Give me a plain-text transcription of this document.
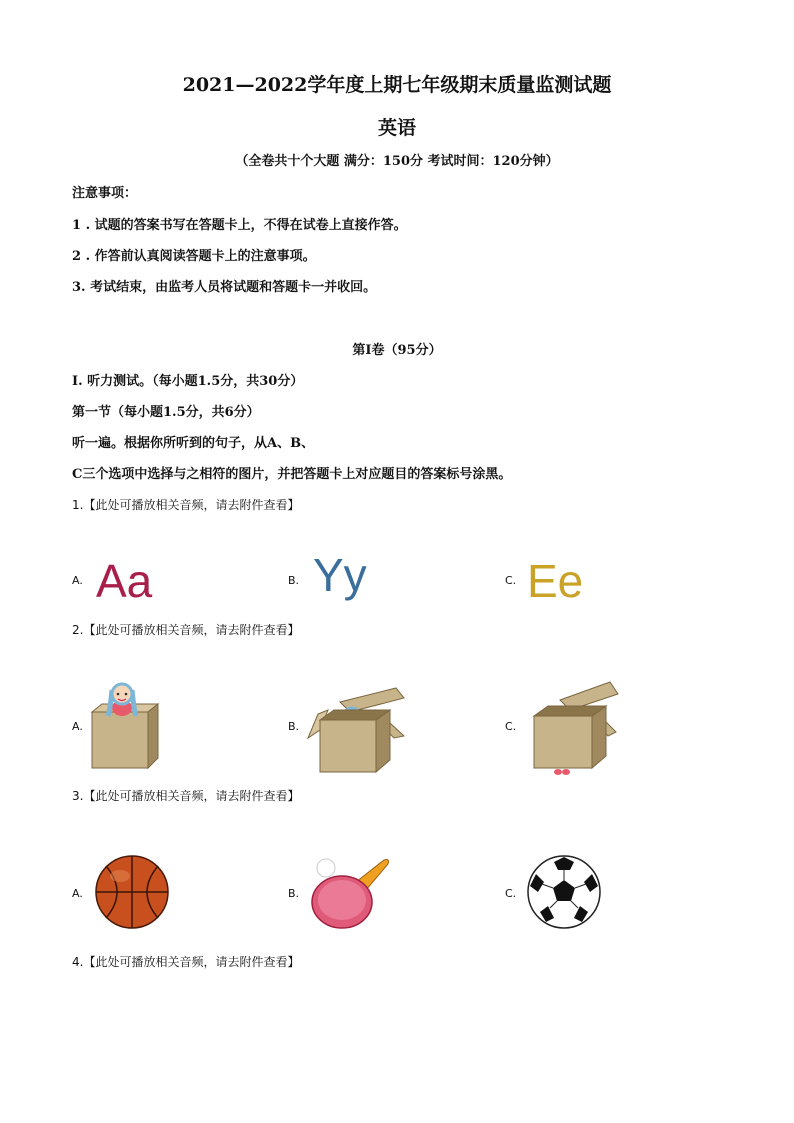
2021—2022学年度上期七年级期末质量监测试题
英语
（全卷共十个大题 满分：150分 考试时间：120分钟）
注意事项：
1 . 试题的答案书写在答题卡上，不得在试卷上直接作答。
2 . 作答前认真阅读答题卡上的注意事项。
3. 考试结束，由监考人员将试题和答题卡一并收回。
第Ⅰ卷（95分）
Ⅰ. 听力测试。（每小题1.5分，共30分）
第一节（每小题1.5分，共6分）
听一遍。根据你所听到的句子，从A、B、
C三个选项中选择与之相符的图片，并把答题卡上对应题目的答案标号涂黑。
1.【此处可播放相关音频，请去附件查看】
A. Aa	B. Yy	C. Ee
2.【此处可播放相关音频，请去附件查看】
A.	B.	C.
3.【此处可播放相关音频，请去附件查看】
A.	B.	C.
4.【此处可播放相关音频，请去附件查看】
